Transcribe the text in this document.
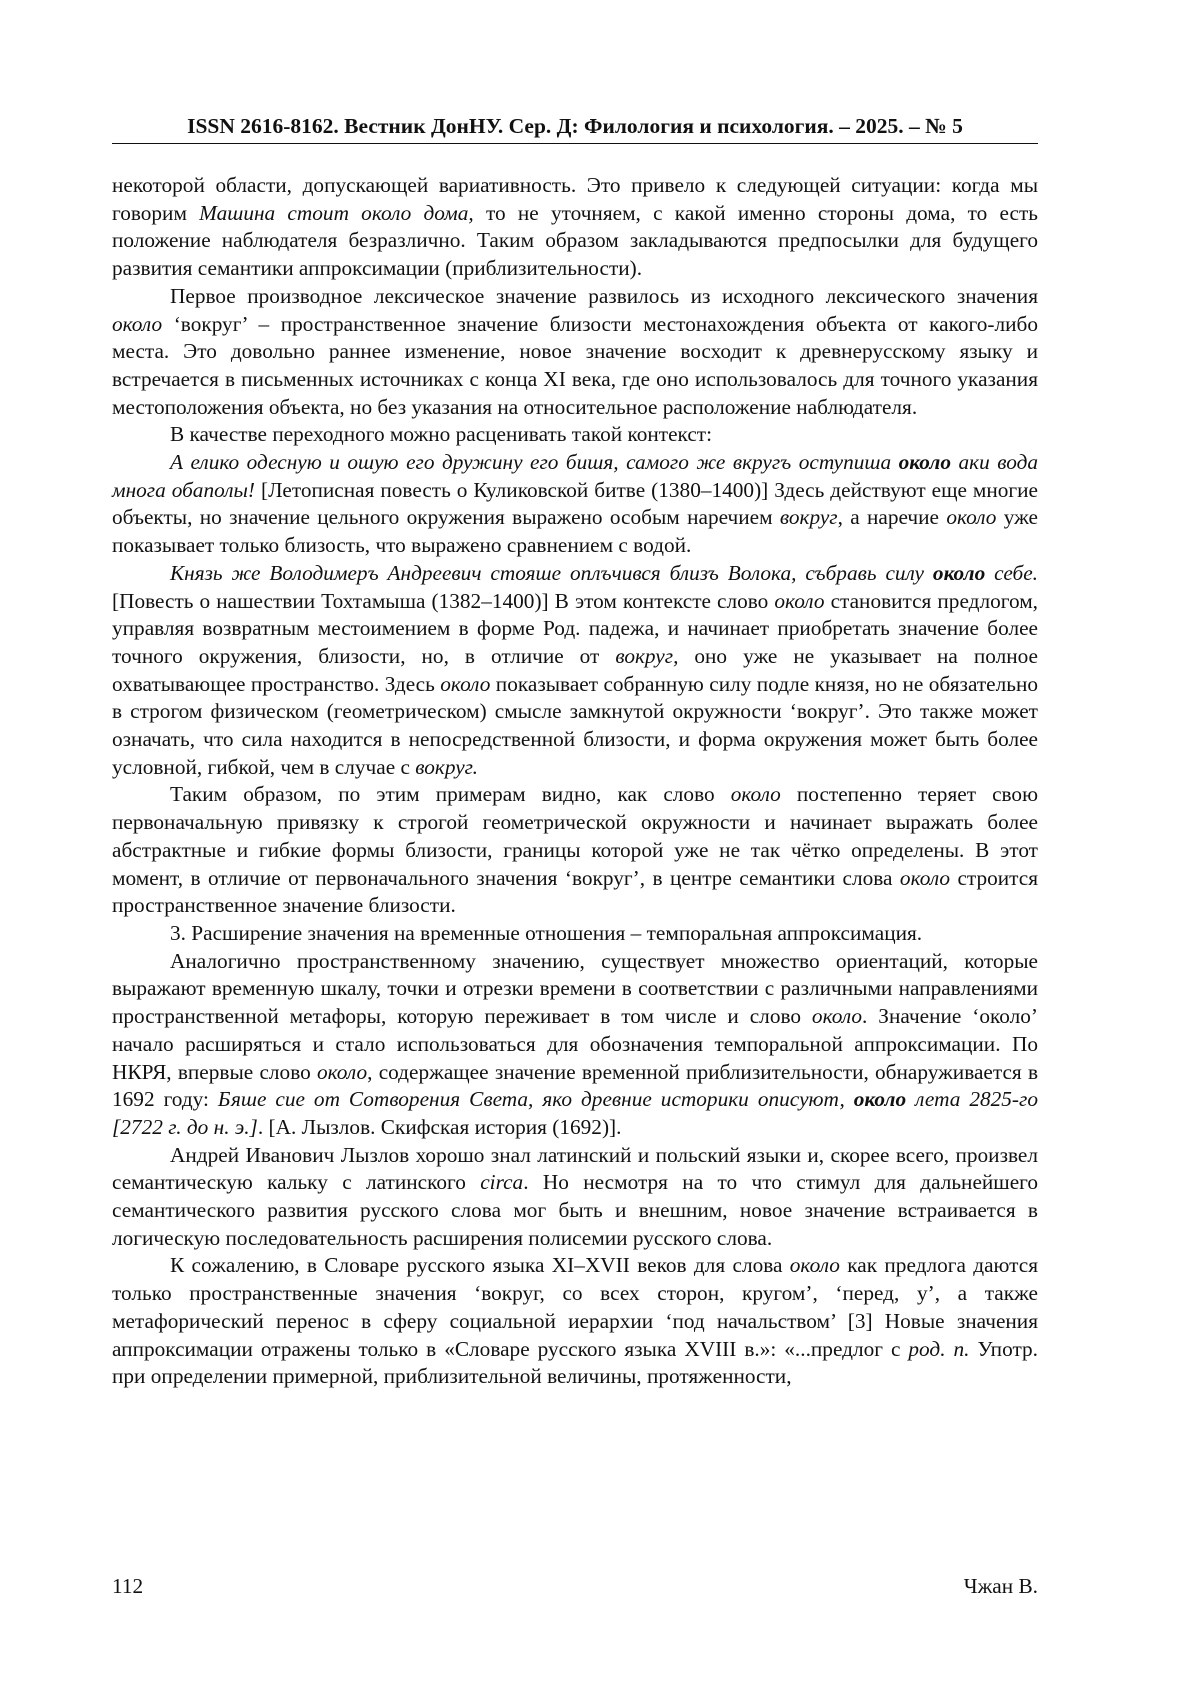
ISSN 2616-8162. Вестник ДонНУ. Сер. Д: Филология и психология. – 2025. – № 5

некоторой области, допускающей вариативность. Это привело к следующей ситуации: когда мы говорим Машина стоит около дома, то не уточняем, с какой именно стороны дома, то есть положение наблюдателя безразлично. Таким образом закладываются предпосылки для будущего развития семантики аппроксимации (приблизительности).

Первое производное лексическое значение развилось из исходного лексического значения около ‘вокруг’ – пространственное значение близости местонахождения объекта от какого-либо места. Это довольно раннее изменение, новое значение восходит к древнерусскому языку и встречается в письменных источниках с конца XI века, где оно использовалось для точного указания местоположения объекта, но без указания на относительное расположение наблюдателя.

В качестве переходного можно расценивать такой контекст:

А елико одесную и ошую его дружину его бишя, самого же вкругъ оступиша около аки вода многа обаполы! [Летописная повесть о Куликовской битве (1380–1400)] Здесь действуют еще многие объекты, но значение цельного окружения выражено особым наречием вокруг, а наречие около уже показывает только близость, что выражено сравнением с водой.

Князь же Володимеръ Андреевич стояше оплъчився близъ Волока, събравь силу около себе. [Повесть о нашествии Тохтамыша (1382–1400)] В этом контексте слово около становится предлогом, управляя возвратным местоимением в форме Род. падежа, и начинает приобретать значение более точного окружения, близости, но, в отличие от вокруг, оно уже не указывает на полное охватывающее пространство. Здесь около показывает собранную силу подле князя, но не обязательно в строгом физическом (геометрическом) смысле замкнутой окружности ‘вокруг’. Это также может означать, что сила находится в непосредственной близости, и форма окружения может быть более условной, гибкой, чем в случае с вокруг.

Таким образом, по этим примерам видно, как слово около постепенно теряет свою первоначальную привязку к строгой геометрической окружности и начинает выражать более абстрактные и гибкие формы близости, границы которой уже не так чётко определены. В этот момент, в отличие от первоначального значения ‘вокруг’, в центре семантики слова около строится пространственное значение близости.

3. Расширение значения на временные отношения – темпоральная аппроксимация.

Аналогично пространственному значению, существует множество ориентаций, которые выражают временную шкалу, точки и отрезки времени в соответствии с различными направлениями пространственной метафоры, которую переживает в том числе и слово около. Значение ‘около’ начало расширяться и стало использоваться для обозначения темпоральной аппроксимации. По НКРЯ, впервые слово около, содержащее значение временной приблизительности, обнаруживается в 1692 году: Бяше сие от Сотворения Света, яко древние историки описуют, около лета 2825-го [2722 г. до н. э.]. [А. Лызлов. Скифская история (1692)].

Андрей Иванович Лызлов хорошо знал латинский и польский языки и, скорее всего, произвел семантическую кальку с латинского circa. Но несмотря на то что стимул для дальнейшего семантического развития русского слова мог быть и внешним, новое значение встраивается в логическую последовательность расширения полисемии русского слова.

К сожалению, в Словаре русского языка XI–XVII веков для слова около как предлога даются только пространственные значения ‘вокруг, со всех сторон, кругом’, ‘перед, у’, а также метафорический перенос в сферу социальной иерархии ‘под начальством’ [3] Новые значения аппроксимации отражены только в «Словаре русского языка XVIII в.»: «...предлог с род. п. Употр. при определении примерной, приблизительной величины, протяженности,

112	Чжан В.
